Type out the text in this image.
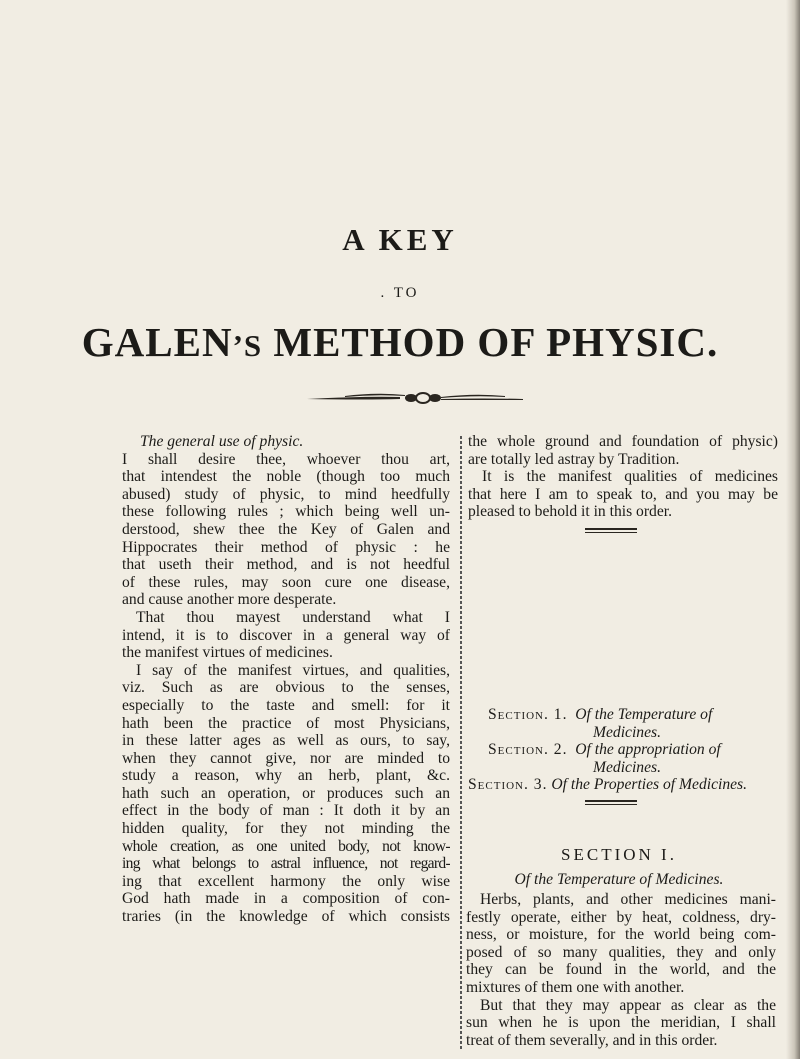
A KEY
. TO
GALEN’S METHOD OF PHYSIC.
The general use of physic.
I shall desire thee, whoever thou art,
that intendest the noble (though too much
abused) study of physic, to mind heedfully
these following rules ; which being well un-
derstood, shew thee the Key of Galen and
Hippocrates their method of physic : he
that useth their method, and is not heedful
of these rules, may soon cure one disease,
and cause another more desperate.
That thou mayest understand what I
intend, it is to discover in a general way of
the manifest virtues of medicines.
I say of the manifest virtues, and qualities,
viz. Such as are obvious to the senses,
especially to the taste and smell: for it
hath been the practice of most Physicians,
in these latter ages as well as ours, to say,
when they cannot give, nor are minded to
study a reason, why an herb, plant, &c.
hath such an operation, or produces such an
effect in the body of man : It doth it by an
hidden quality, for they not minding the
whole creation, as one united body, not know-
ing what belongs to astral influence, not regard-
ing that excellent harmony the only wise
God hath made in a composition of con-
traries (in the knowledge of which consists
the whole ground and foundation of physic)
are totally led astray by Tradition.
It is the manifest qualities of medicines
that here I am to speak to, and you may be
pleased to behold it in this order.
Section. 1. Of the Temperature of
Medicines.
Section. 2. Of the appropriation of
Medicines.
Section. 3. Of the Properties of Medicines.
SECTION I.
Of the Temperature of Medicines.
Herbs, plants, and other medicines mani-
festly operate, either by heat, coldness, dry-
ness, or moisture, for the world being com-
posed of so many qualities, they and only
they can be found in the world, and the
mixtures of them one with another.
But that they may appear as clear as the
sun when he is upon the meridian, I shall
treat of them severally, and in this order.
